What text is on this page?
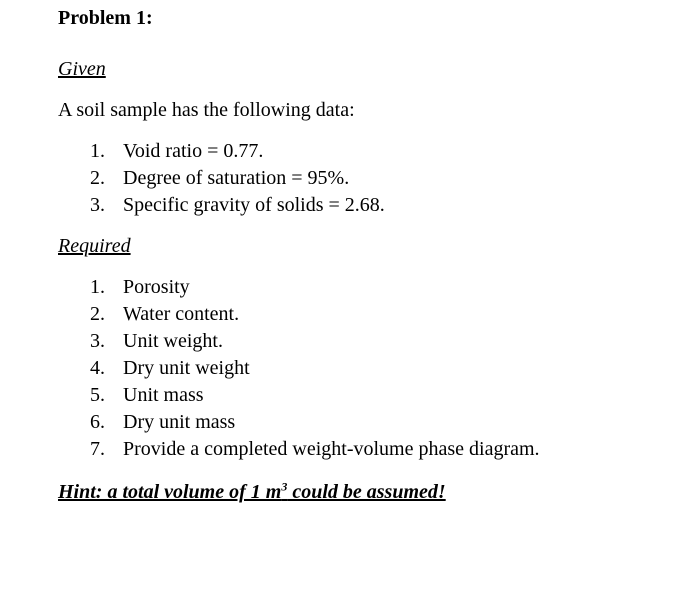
Problem 1:
Given
A soil sample has the following data:
1. Void ratio = 0.77.
2. Degree of saturation = 95%.
3. Specific gravity of solids = 2.68.
Required
1. Porosity
2. Water content.
3. Unit weight.
4. Dry unit weight
5. Unit mass
6. Dry unit mass
7. Provide a completed weight-volume phase diagram.
Hint: a total volume of 1 $m^3$ could be assumed!
